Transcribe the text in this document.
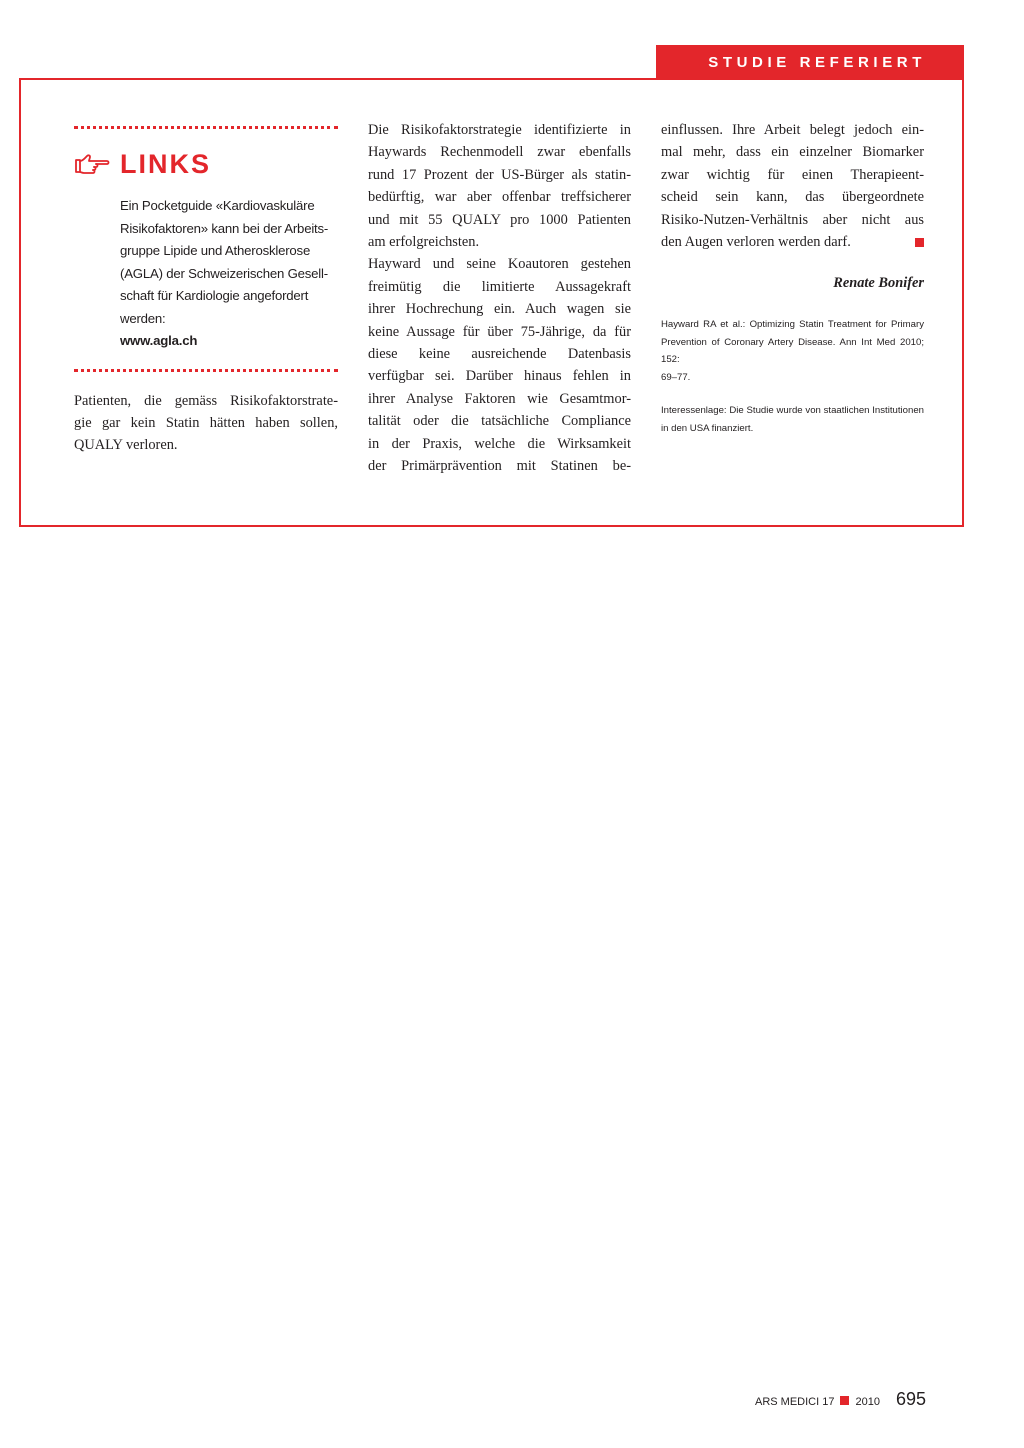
STUDIE REFERIERT
LINKS
Ein Pocketguide «Kardiovaskuläre
Risikofaktoren» kann bei der Arbeits-
gruppe Lipide und Atherosklerose
(AGLA) der Schweizerischen Gesell-
schaft für Kardiologie angefordert
werden:
www.agla.ch

Patienten, die gemäss Risikofaktorstrate-
gie gar kein Statin hätten haben sollen,
QUALY verloren.

Die Risikofaktorstrategie identifizierte in
Haywards Rechenmodell zwar ebenfalls
rund 17 Prozent der US-Bürger als statin-
bedürftig, war aber offenbar treffsicherer
und mit 55 QUALY pro 1000 Patienten
am erfolgreichsten.
Hayward und seine Koautoren gestehen
freimütig die limitierte Aussagekraft
ihrer Hochrechung ein. Auch wagen sie
keine Aussage für über 75-Jährige, da für
diese keine ausreichende Datenbasis
verfügbar sei. Darüber hinaus fehlen in
ihrer Analyse Faktoren wie Gesamtmor-
talität oder die tatsächliche Compliance
in der Praxis, welche die Wirksamkeit
der Primärprävention mit Statinen be-

einflussen. Ihre Arbeit belegt jedoch ein-
mal mehr, dass ein einzelner Biomarker
zwar wichtig für einen Therapieent-
scheid sein kann, das übergeordnete
Risiko-Nutzen-Verhältnis aber nicht aus
den Augen verloren werden darf.

Renate Bonifer
Hayward RA et al.: Optimizing Statin Treatment for Primary
Prevention of Coronary Artery Disease. Ann Int Med 2010; 152:
69–77.
Interessenlage: Die Studie wurde von staatlichen Institutionen
in den USA finanziert.
ARS MEDICI 17 2010 695
